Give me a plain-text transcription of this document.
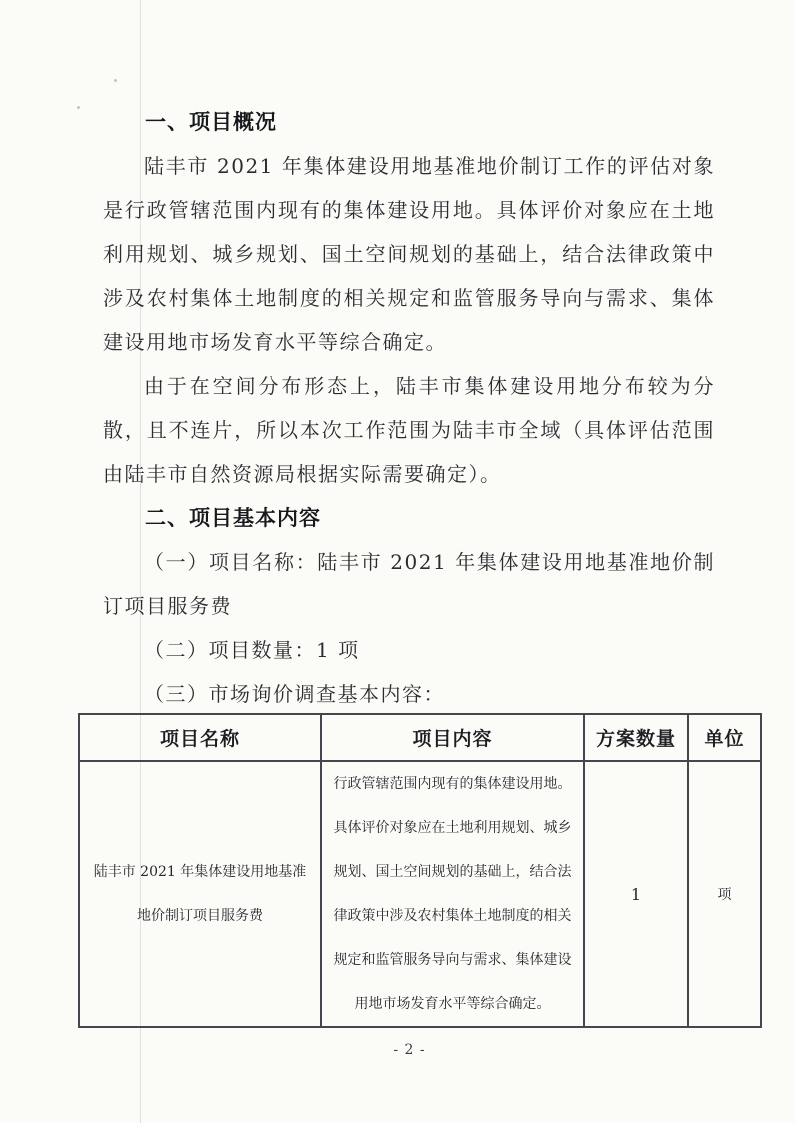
一、项目概况

陆丰市 2021 年集体建设用地基准地价制订工作的评估对象是行政管辖范围内现有的集体建设用地。具体评价对象应在土地利用规划、城乡规划、国土空间规划的基础上，结合法律政策中涉及农村集体土地制度的相关规定和监管服务导向与需求、集体建设用地市场发育水平等综合确定。

由于在空间分布形态上，陆丰市集体建设用地分布较为分散，且不连片，所以本次工作范围为陆丰市全域（具体评估范围由陆丰市自然资源局根据实际需要确定）。

二、项目基本内容

（一）项目名称：陆丰市 2021 年集体建设用地基准地价制订项目服务费

（二）项目数量：1 项

（三）市场询价调查基本内容：

项目名称	项目内容	方案数量	单位
陆丰市 2021 年集体建设用地基准地价制订项目服务费	行政管辖范围内现有的集体建设用地。具体评价对象应在土地利用规划、城乡规划、国土空间规划的基础上，结合法律政策中涉及农村集体土地制度的相关规定和监管服务导向与需求、集体建设用地市场发育水平等综合确定。	1	项
- 2 -
